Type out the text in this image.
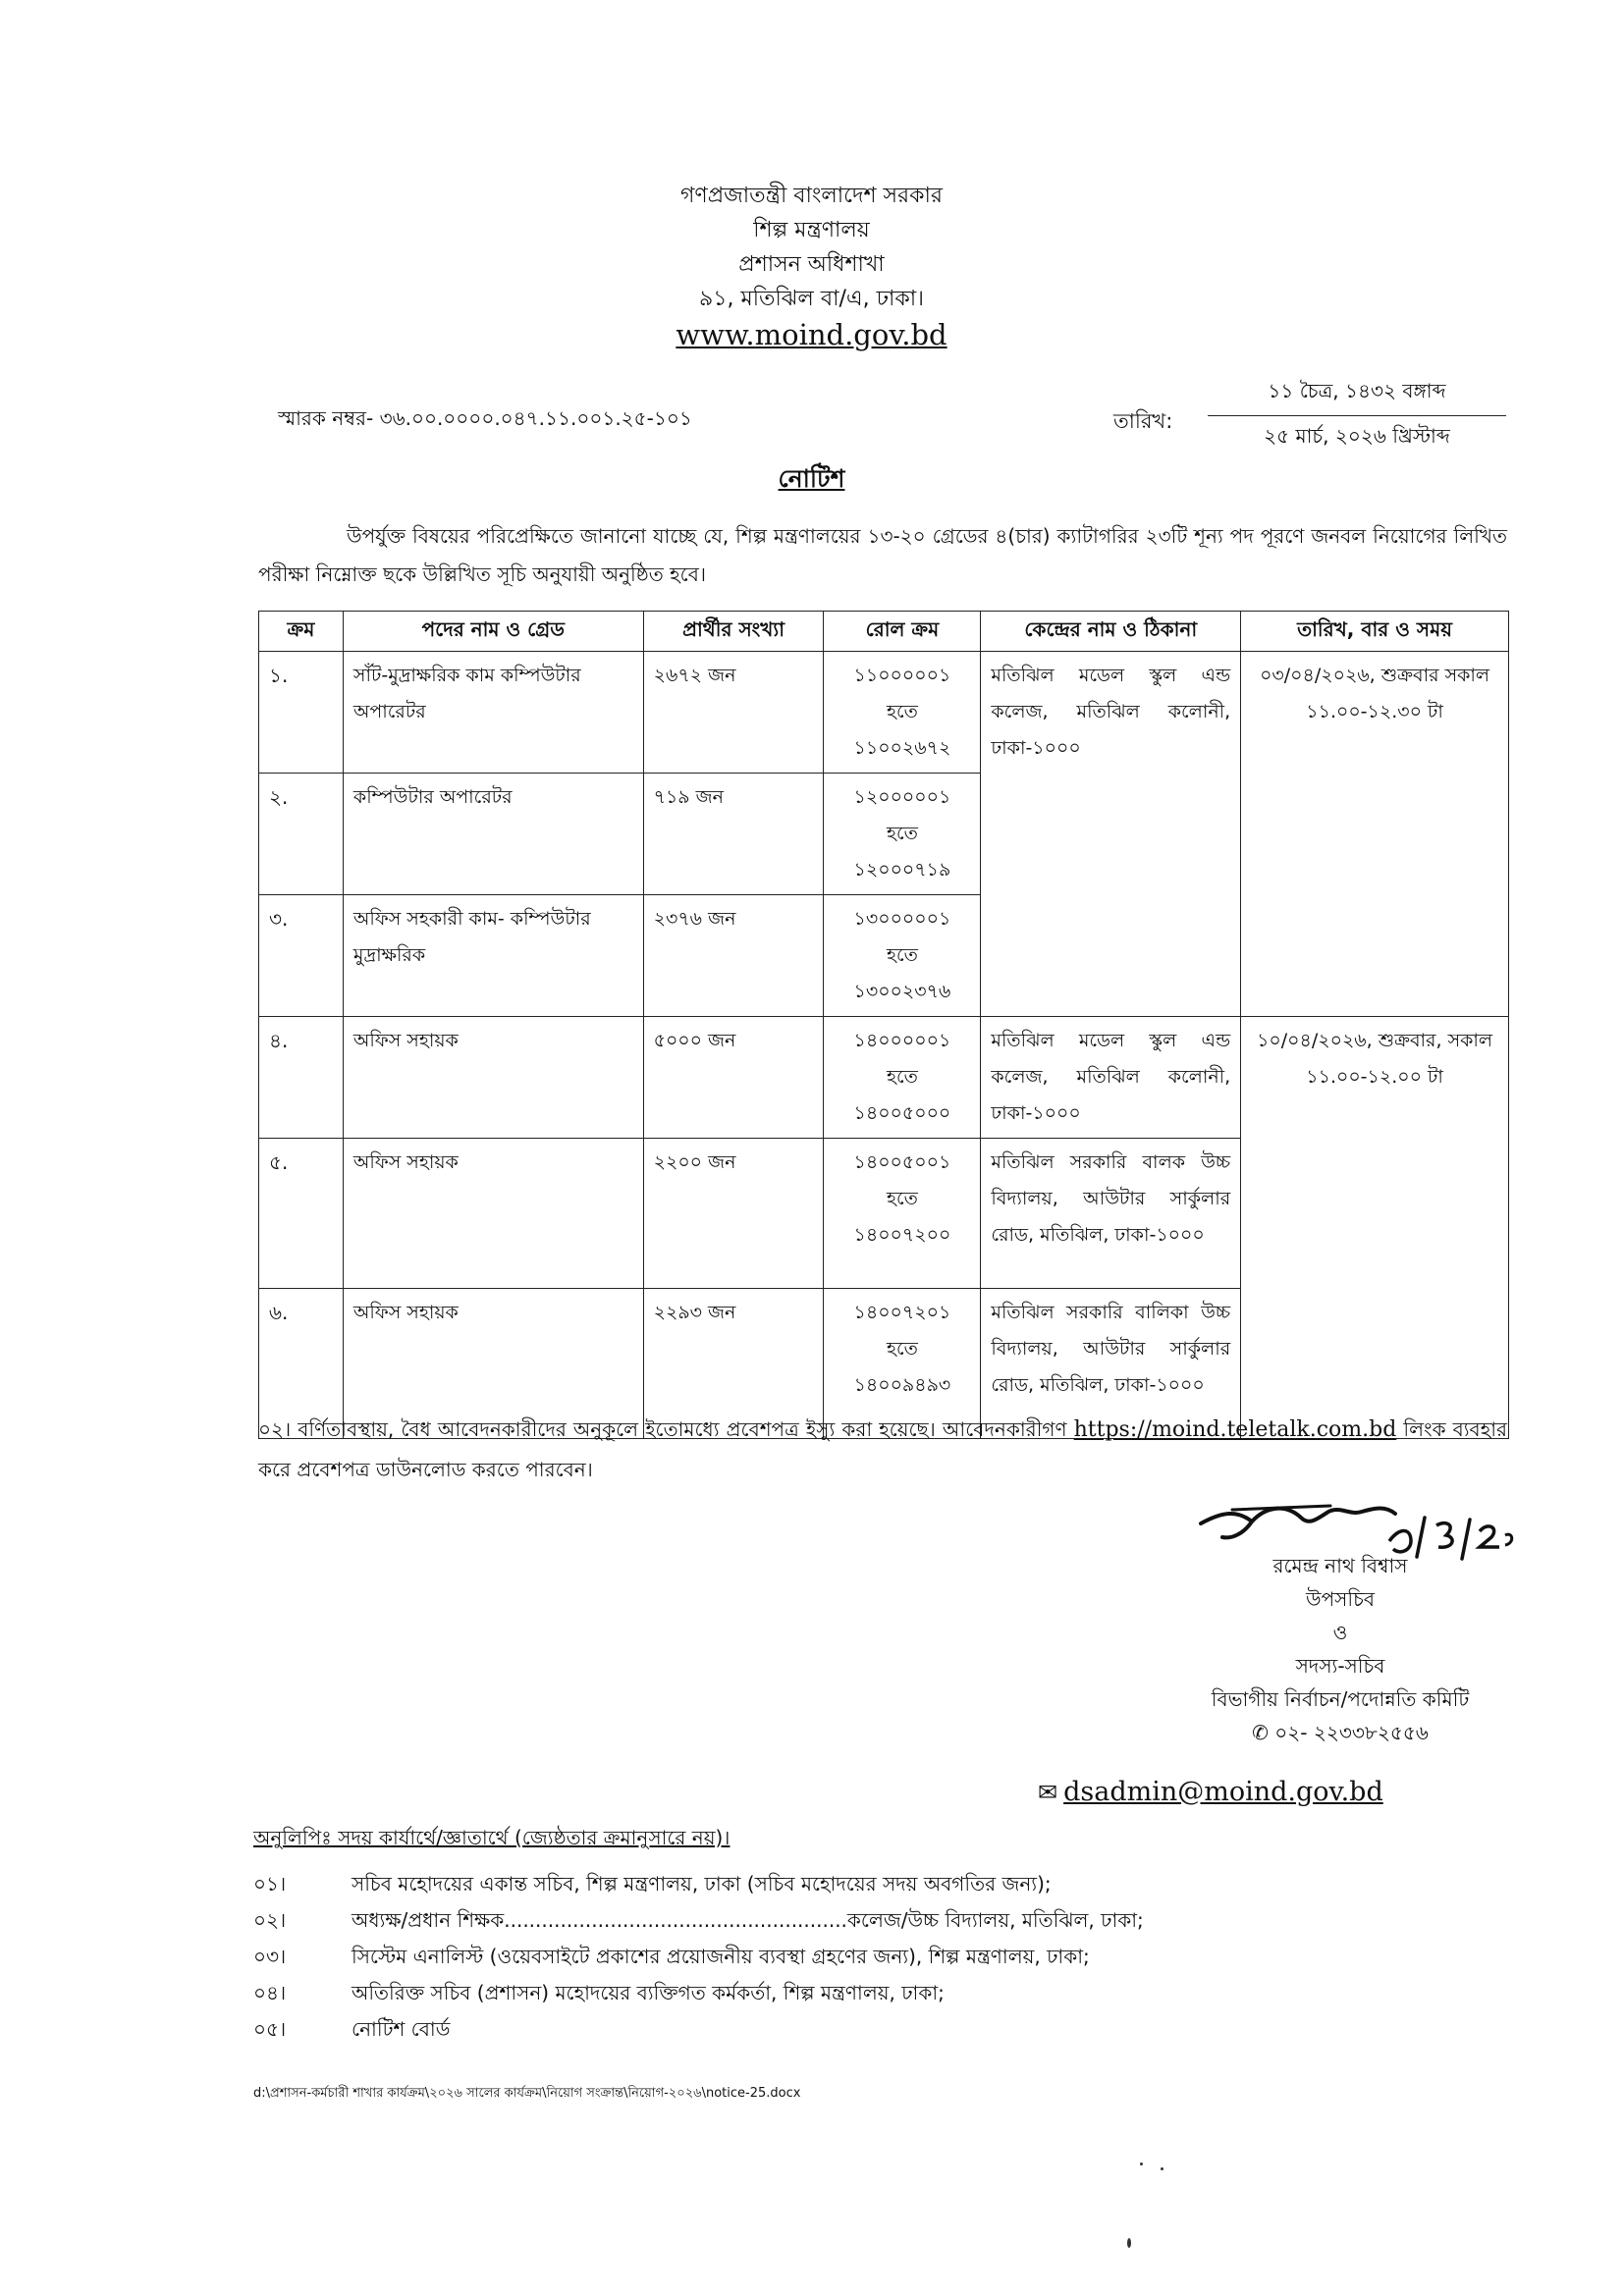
গণপ্রজাতন্ত্রী বাংলাদেশ সরকার
শিল্প মন্ত্রণালয়
প্রশাসন অধিশাখা
৯১, মতিঝিল বা/এ, ঢাকা।
www.moind.gov.bd
স্মারক নম্বর- ৩৬.০০.০০০০.০৪৭.১১.০০১.২৫-১০১	তারিখ:
১১ চৈত্র, ১৪৩২ বঙ্গাব্দ
২৫ মার্চ, ২০২৬ খ্রিস্টাব্দ
নোটিশ
উপর্যুক্ত বিষয়ের পরিপ্রেক্ষিতে জানানো যাচ্ছে যে, শিল্প মন্ত্রণালয়ের ১৩-২০ গ্রেডের ৪(চার) ক্যাটাগরির ২৩টি শূন্য পদ পূরণে জনবল নিয়োগের লিখিত পরীক্ষা নিম্নোক্ত ছকে উল্লিখিত সূচি অনুযায়ী অনুষ্ঠিত হবে।
ক্রম	পদের নাম ও গ্রেড	প্রার্থীর সংখ্যা	রোল ক্রম	কেন্দ্রের নাম ও ঠিকানা	তারিখ, বার ও সময়
১.	সাঁট-মুদ্রাক্ষরিক কাম কম্পিউটার অপারেটর	২৬৭২ জন	১১০০০০০১
হতে
১১০০২৬৭২	মতিঝিল মডেল স্কুল এন্ড কলেজ, মতিঝিল কলোনী, ঢাকা-১০০০	০৩/০৪/২০২৬, শুক্রবার সকাল ১১.০০-১২.৩০ টা
২.	কম্পিউটার অপারেটর	৭১৯ জন	১২০০০০০১
হতে
১২০০০৭১৯		

৩.	অফিস সহকারী কাম- কম্পিউটার মুদ্রাক্ষরিক	২৩৭৬ জন	১৩০০০০০১
হতে
১৩০০২৩৭৬		

৪.	অফিস সহায়ক	৫০০০ জন	১৪০০০০০১
হতে
১৪০০৫০০০	মতিঝিল মডেল স্কুল এন্ড কলেজ, মতিঝিল কলোনী, ঢাকা-১০০০	১০/০৪/২০২৬, শুক্রবার, সকাল ১১.০০-১২.০০ টা
৫.	অফিস সহায়ক	২২০০ জন	১৪০০৫০০১
হতে
১৪০০৭২০০	মতিঝিল সরকারি বালক উচ্চ বিদ্যালয়, আউটার সার্কুলার রোড, মতিঝিল, ঢাকা-১০০০	
৬.	অফিস সহায়ক	২২৯৩ জন	১৪০০৭২০১
হতে
১৪০০৯৪৯৩	মতিঝিল সরকারি বালিকা উচ্চ বিদ্যালয়, আউটার সার্কুলার রোড, মতিঝিল, ঢাকা-১০০০	
০২। বর্ণিতাবস্থায়, বৈধ আবেদনকারীদের অনুকূলে ইতোমধ্যে প্রবেশপত্র ইস্যু করা হয়েছে। আবেদনকারীগণ https://moind.teletalk.com.bd লিংক ব্যবহার করে প্রবেশপত্র ডাউনলোড করতে পারবেন।
রমেন্দ্র নাথ বিশ্বাস
উপসচিব
ও
সদস্য-সচিব
বিভাগীয় নির্বাচন/পদোন্নতি কমিটি
✆ ০২- ২২৩৩৮২৫৫৬
✉ dsadmin@moind.gov.bd
অনুলিপিঃ সদয় কার্যার্থে/জ্ঞাতার্থে (জ্যেষ্ঠতার ক্রমানুসারে নয়)।
০১।	সচিব মহোদয়ের একান্ত সচিব, শিল্প মন্ত্রণালয়, ঢাকা (সচিব মহোদয়ের সদয় অবগতির জন্য);
০২।	অধ্যক্ষ/প্রধান শিক্ষক.......................................................কলেজ/উচ্চ বিদ্যালয়, মতিঝিল, ঢাকা;
০৩।	সিস্টেম এনালিস্ট (ওয়েবসাইটে প্রকাশের প্রয়োজনীয় ব্যবস্থা গ্রহণের জন্য), শিল্প মন্ত্রণালয়, ঢাকা;
০৪।	অতিরিক্ত সচিব (প্রশাসন) মহোদয়ের ব্যক্তিগত কর্মকর্তা, শিল্প মন্ত্রণালয়, ঢাকা;
০৫।	নোটিশ বোর্ড
d:\প্রশাসন-কর্মচারী শাখার কার্যক্রম\২০২৬ সালের কার্যক্রম\নিয়োগ সংক্রান্ত\নিয়োগ-২০২৬\notice-25.docx
